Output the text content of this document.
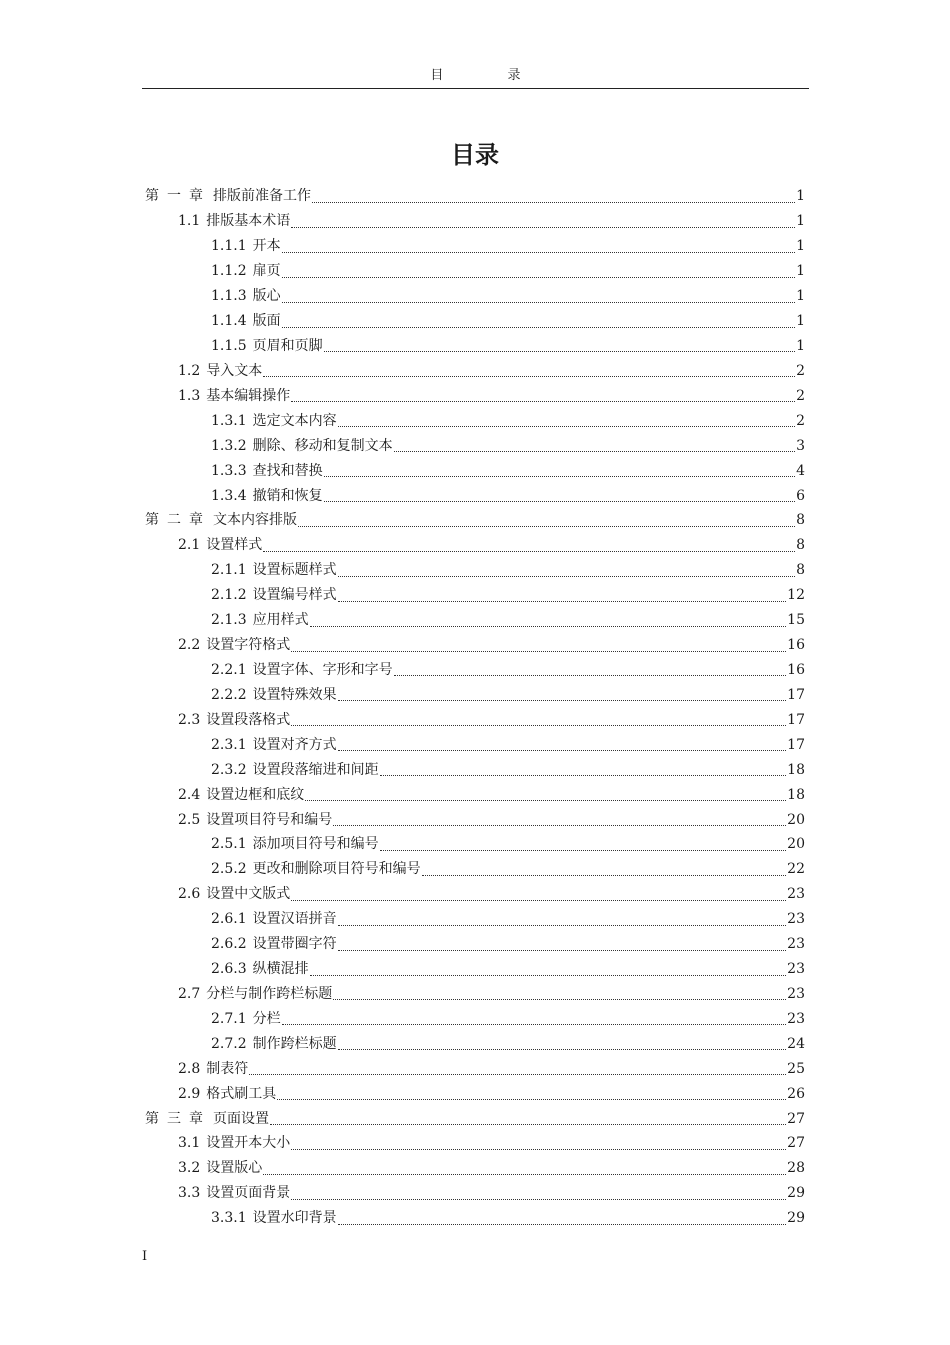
目 录
目录
第一章 排版前准备工作	1
1.1 排版基本术语	1
1.1.1 开本	1
1.1.2 扉页	1
1.1.3 版心	1
1.1.4 版面	1
1.1.5 页眉和页脚	1
1.2 导入文本	2
1.3 基本编辑操作	2
1.3.1 选定文本内容	2
1.3.2 删除、移动和复制文本	3
1.3.3 查找和替换	4
1.3.4 撤销和恢复	6
第二章 文本内容排版	8
2.1 设置样式	8
2.1.1 设置标题样式	8
2.1.2 设置编号样式	12
2.1.3 应用样式	15
2.2 设置字符格式	16
2.2.1 设置字体、字形和字号	16
2.2.2 设置特殊效果	17
2.3 设置段落格式	17
2.3.1 设置对齐方式	17
2.3.2 设置段落缩进和间距	18
2.4 设置边框和底纹	18
2.5 设置项目符号和编号	20
2.5.1 添加项目符号和编号	20
2.5.2 更改和删除项目符号和编号	22
2.6 设置中文版式	23
2.6.1 设置汉语拼音	23
2.6.2 设置带圈字符	23
2.6.3 纵横混排	23
2.7 分栏与制作跨栏标题	23
2.7.1 分栏	23
2.7.2 制作跨栏标题	24
2.8 制表符	25
2.9 格式刷工具	26
第三章 页面设置	27
3.1 设置开本大小	27
3.2 设置版心	28
3.3 设置页面背景	29
3.3.1 设置水印背景	29
I
